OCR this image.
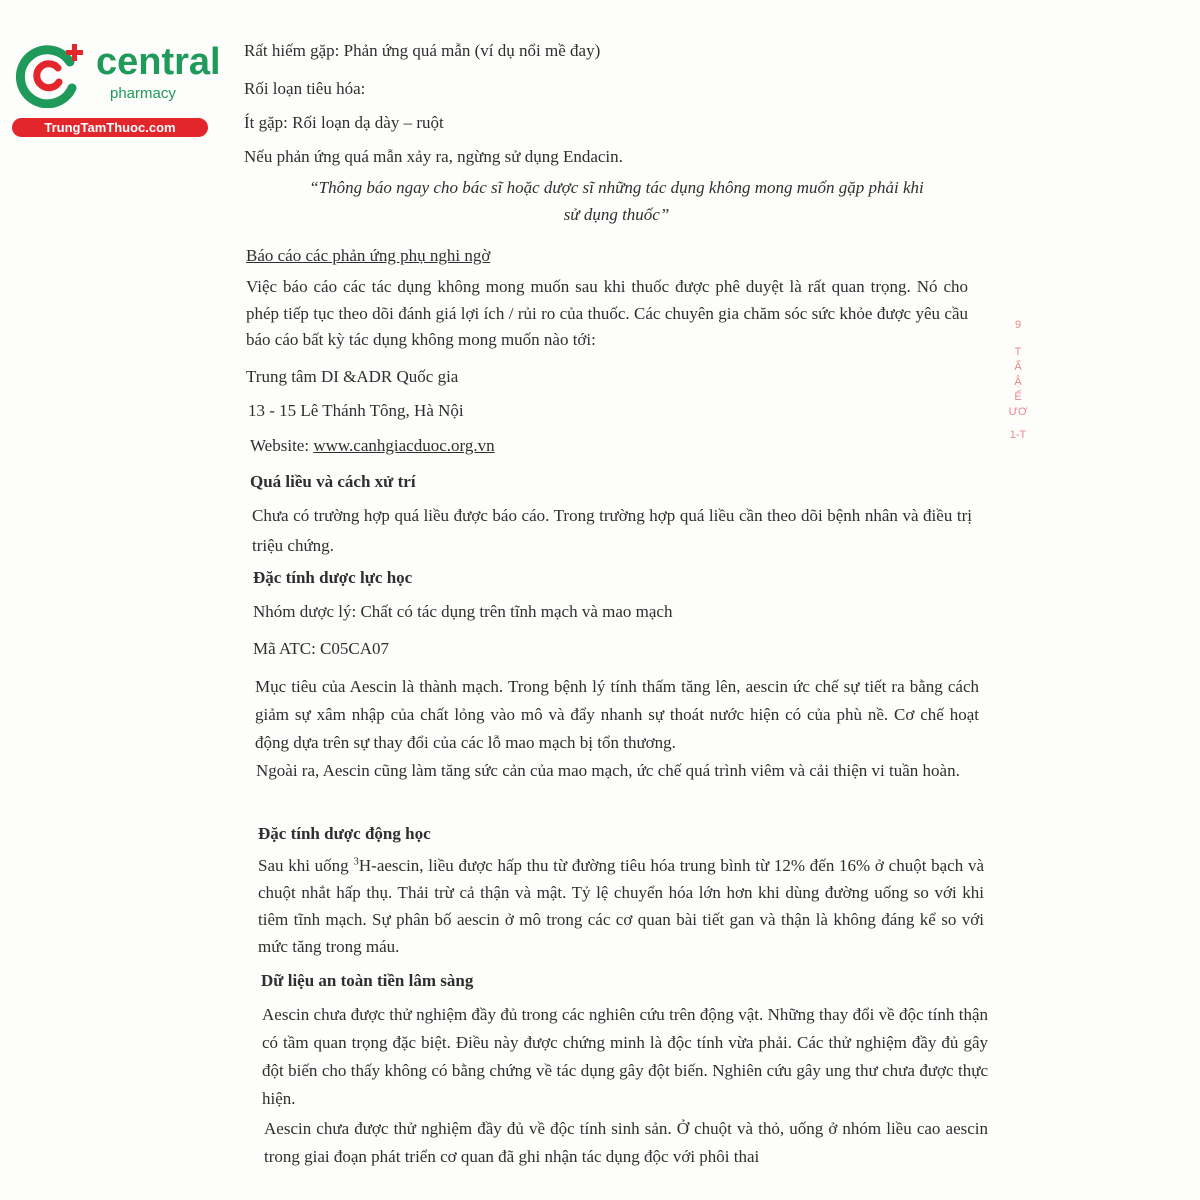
central
pharmacy
TrungTamThuoc.com
Rất hiếm gặp: Phản ứng quá mẫn (ví dụ nổi mề đay)
Rối loạn tiêu hóa:
Ít gặp: Rối loạn dạ dày – ruột
Nếu phản ứng quá mẫn xảy ra, ngừng sử dụng Endacin.
“Thông báo ngay cho bác sĩ hoặc dược sĩ những tác dụng không mong muốn gặp phải khi
sử dụng thuốc”
Báo cáo các phản ứng phụ nghi ngờ
Việc báo cáo các tác dụng không mong muốn sau khi thuốc được phê duyệt là rất quan trọng. Nó cho phép tiếp tục theo dõi đánh giá lợi ích / rủi ro của thuốc. Các chuyên gia chăm sóc sức khỏe được yêu cầu báo cáo bất kỳ tác dụng không mong muốn nào tới:
Trung tâm DI &ADR Quốc gia
13 - 15 Lê Thánh Tông, Hà Nội
Website: www.canhgiacduoc.org.vn
Quá liều và cách xử trí
Chưa có trường hợp quá liều được báo cáo. Trong trường hợp quá liều cần theo dõi bệnh nhân và điều trị triệu chứng.
Đặc tính dược lực học
Nhóm dược lý: Chất có tác dụng trên tĩnh mạch và mao mạch
Mã ATC: C05CA07
Mục tiêu của Aescin là thành mạch. Trong bệnh lý tính thấm tăng lên, aescin ức chế sự tiết ra bằng cách giảm sự xâm nhập của chất lỏng vào mô và đẩy nhanh sự thoát nước hiện có của phù nề. Cơ chế hoạt động dựa trên sự thay đổi của các lỗ mao mạch bị tổn thương.
Ngoài ra, Aescin cũng làm tăng sức cản của mao mạch, ức chế quá trình viêm và cải thiện vi tuần hoàn.
Đặc tính dược động học
Sau khi uống $^3$H-aescin, liều được hấp thu từ đường tiêu hóa trung bình từ 12% đến 16% ở chuột bạch và chuột nhắt hấp thụ. Thải trừ cả thận và mật. Tỷ lệ chuyển hóa lớn hơn khi dùng đường uống so với khi tiêm tĩnh mạch. Sự phân bố aescin ở mô trong các cơ quan bài tiết gan và thận là không đáng kể so với mức tăng trong máu.
Dữ liệu an toàn tiền lâm sàng
Aescin chưa được thử nghiệm đầy đủ trong các nghiên cứu trên động vật. Những thay đổi về độc tính thận có tầm quan trọng đặc biệt. Điều này được chứng minh là độc tính vừa phải. Các thử nghiệm đầy đủ gây đột biến cho thấy không có bằng chứng về tác dụng gây đột biến. Nghiên cứu gây ung thư chưa được thực hiện.
Aescin chưa được thử nghiệm đầy đủ về độc tính sinh sản. Ở chuột và thỏ, uống ở nhóm liều cao aescin trong giai đoạn phát triển cơ quan đã ghi nhận tác dụng độc với phôi thai
9
T
Ấ
Ậ
Ế
ƯƠ
1-T
